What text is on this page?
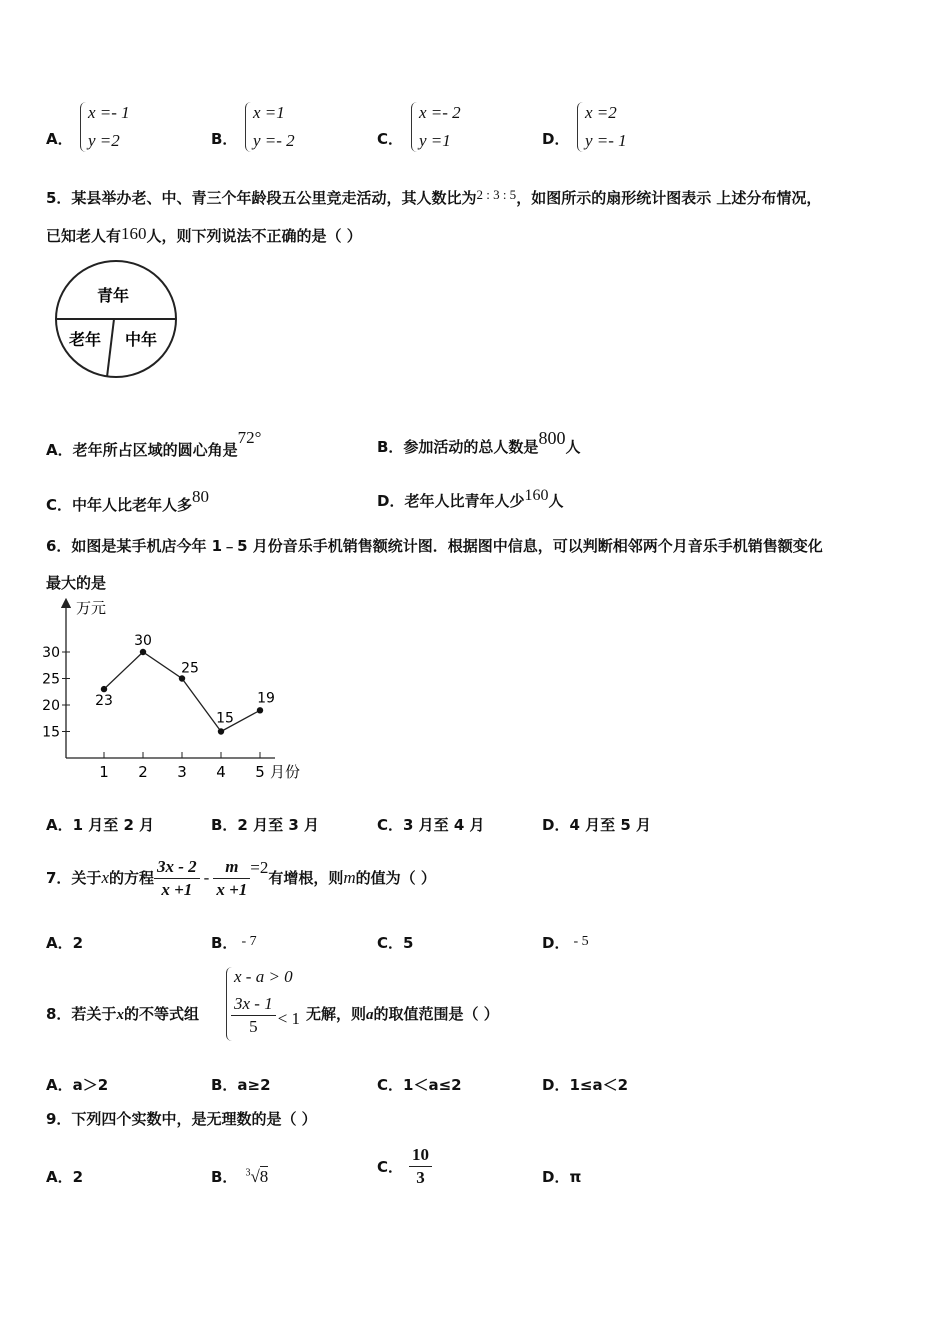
A．
x =- 1
y =2	B．
x =1
y =- 2	C．
x =- 2
y =1	D．
x =2
y =- 1
5．某县举办老、中、青三个年龄段五公里竞走活动，其人数比为2 : 3 : 5，如图所示的扇形统计图表示 上述分布情况，
已知老人有160人，则下列说法不正确的是（ ）
青年
老年 中年
A．老年所占区域的圆心角是72°	B．参加活动的总人数是800人
C．中年人比老年人多80	D．老年人比青年人少160人
6．如图是某手机店今年 1﹣5 月份音乐手机销售额统计图．根据图中信息，可以判断相邻两个月音乐手机销售额变化
最大的是
万元
月份
15
20
25
30
1 2 3 4 5
23
30
25
15
19
A．1 月至 2 月	B．2 月至 3 月	C．3 月至 4 月	D．4 月至 5 月
7．关于x的方程 $\frac{3x - 2}{x +1} - \frac{m}{x +1} =2$有增根，则m的值为（ ）
A．2	B． - 7	C．5	D． - 5
8．若关于x的不等式组
x - a > 0
$\frac{3x - 1}{5} < 1$ 无解，则a的取值范围是（ ）
A．a＞2	B．a≥2	C．1＜a≤2	D．1≤a＜2
9．下列四个实数中，是无理数的是（ ）
A．2	B． $^3$√8	C． $\frac{10}{3}$	D．π
